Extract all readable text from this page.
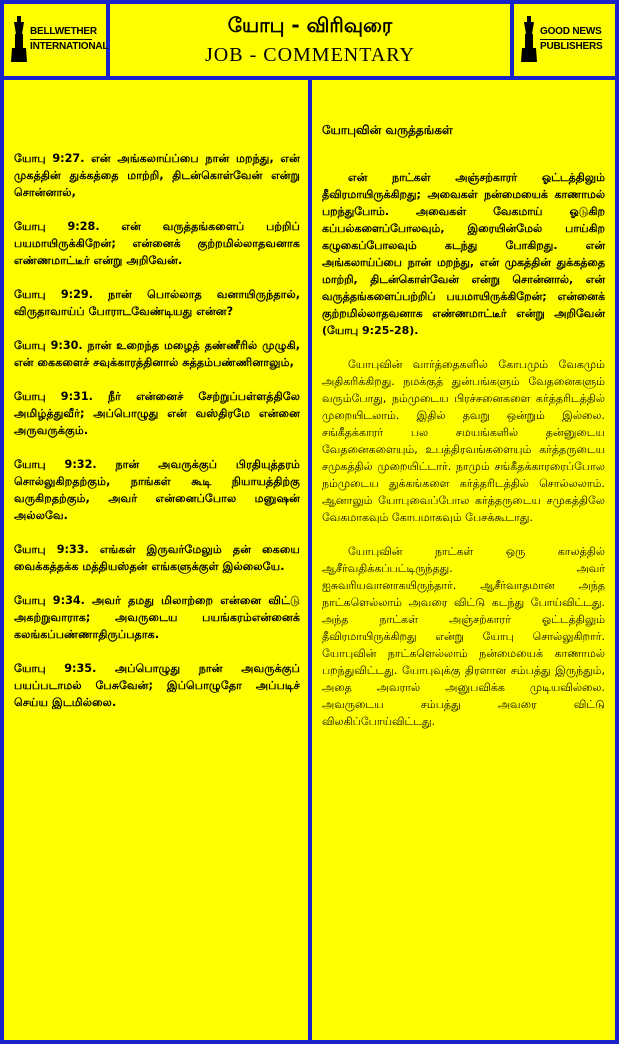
BELLWETHER
INTERNATIONAL
யோபு - விரிவுரை
JOB - COMMENTARY
GOOD NEWS
PUBLISHERS

யோபு 9:27. என் அங்கலாய்ப்பை நான் மறந்து, என் முகத்தின் துக்கத்தை மாற்றி, திடன்கொள்வேன் என்று சொன்னால்,

யோபு 9:28. என் வருத்தங்களைப் பற்றிப் பயமாயிருக்கிறேன்; என்னைக் குற்றமில்லாதவனாக எண்ணமாட்டீர் என்று அறிவேன்.

யோபு 9:29. நான் பொல்லாத வனாயிருந்தால், விருதாவாய்ப் போராடவேண்டியது என்ன?

யோபு 9:30. நான் உறைந்த மழைத் தண்ணீரில் முழுகி, என் கைகளைச் சவுக்காரத்தினால் சுத்தம்பண்ணினாலும்,

யோபு 9:31. நீர் என்னைச் சேற்றுப்பள்ளத்திலே அமிழ்த்துவீர்; அப்பொழுது என் வஸ்திரமே என்னை அருவருக்கும்.

யோபு 9:32. நான் அவருக்குப் பிரதியுத்தரம் சொல்லுகிறதற்கும், நாங்கள் கூடி நியாயத்திற்கு வருகிறதற்கும், அவர் என்னைப்போல மனுஷன் அல்லவே.

யோபு 9:33. எங்கள் இருவர்மேலும் தன் கையை வைக்கத்தக்க மத்தியஸ்தன் எங்களுக்குள் இல்லையே.

யோபு 9:34. அவர் தமது மிலாற்றை என்னை விட்டு அகற்றுவாராக; அவருடைய பயங்கரம்என்னைக் கலங்கப்பண்ணாதிருப்பதாக.

யோபு 9:35. அப்பொழுது நான் அவருக்குப் பயப்படாமல் பேசுவேன்; இப்பொழுதோ அப்படிச் செய்ய இடமில்லை.

யோபுவின் வருத்தங்கள்

என் நாட்கள் அஞ்சற்காரர் ஓட்டத்திலும் தீவிரமாயிருக்கிறது; அவைகள் நன்மையைக் காணாமல் பறந்துபோம். அவைகள் வேகமாய் ஓடுகிற கப்பல்களைப்போலவும், இரையின்மேல் பாய்கிற கழுகைப்போலவும் கடந்து போகிறது. என் அங்கலாய்ப்பை நான் மறந்து, என் முகத்தின் துக்கத்தை மாற்றி, திடன்கொள்வேன் என்று சொன்னால், என் வருத்தங்களைப்பற்றிப் பயமாயிருக்கிறேன்; என்னைக் குற்றமில்லாதவனாக எண்ணமாட்டீர் என்று அறிவேன் (யோபு 9:25-28).

யோபுவின் வார்த்தைகளில் கோபமும் வேகமும் அதிகரிக்கிறது. நமக்குத் துன்பங்களும் வேதனைகளும் வரும்போது, நம்முடைய பிரச்சனைகளை கர்த்தரிடத்தில் முறையிடலாம். இதில் தவறு ஒன்றும் இல்லை. சங்கீதக்காரர் பல சமயங்களில் தன்னுடைய வேதனைகளையும், உபத்திரவங்களையும் கர்த்தருடைய சமுகத்தில் முறையிட்டார். நாமும் சங்கீதக்காரரைப்போல நம்முடைய துக்கங்களை கர்த்தரிடத்தில் சொல்லலாம். ஆனாலும் யோபுவைப்போல கர்த்தருடைய சமுகத்திலே வேகமாகவும் கோபமாகவும் பேசக்கூடாது.

யோபுவின் நாட்கள் ஒரு காலத்தில் ஆசீர்வதிக்கப்பட்டிருந்தது. அவர் ஐசுவரியவானாகயிருந்தார். ஆசீர்வாதமான அந்த நாட்களெல்லாம் அவரை விட்டு கடந்து போய்விட்டது. அந்த நாட்கள் அஞ்சற்காரர் ஓட்டத்திலும் தீவிரமாயிருக்கிறது என்று யோபு சொல்லுகிறார். யோபுவின் நாட்களெல்லாம் நன்மையைக் காணாமல் பறந்துவிட்டது. யோபுவுக்கு திரளான சம்பத்து இருந்தும், அதை அவரால் அனுபவிக்க முடியவில்லை. அவருடைய சம்பத்து அவரை விட்டு விலகிப்போய்விட்டது.
